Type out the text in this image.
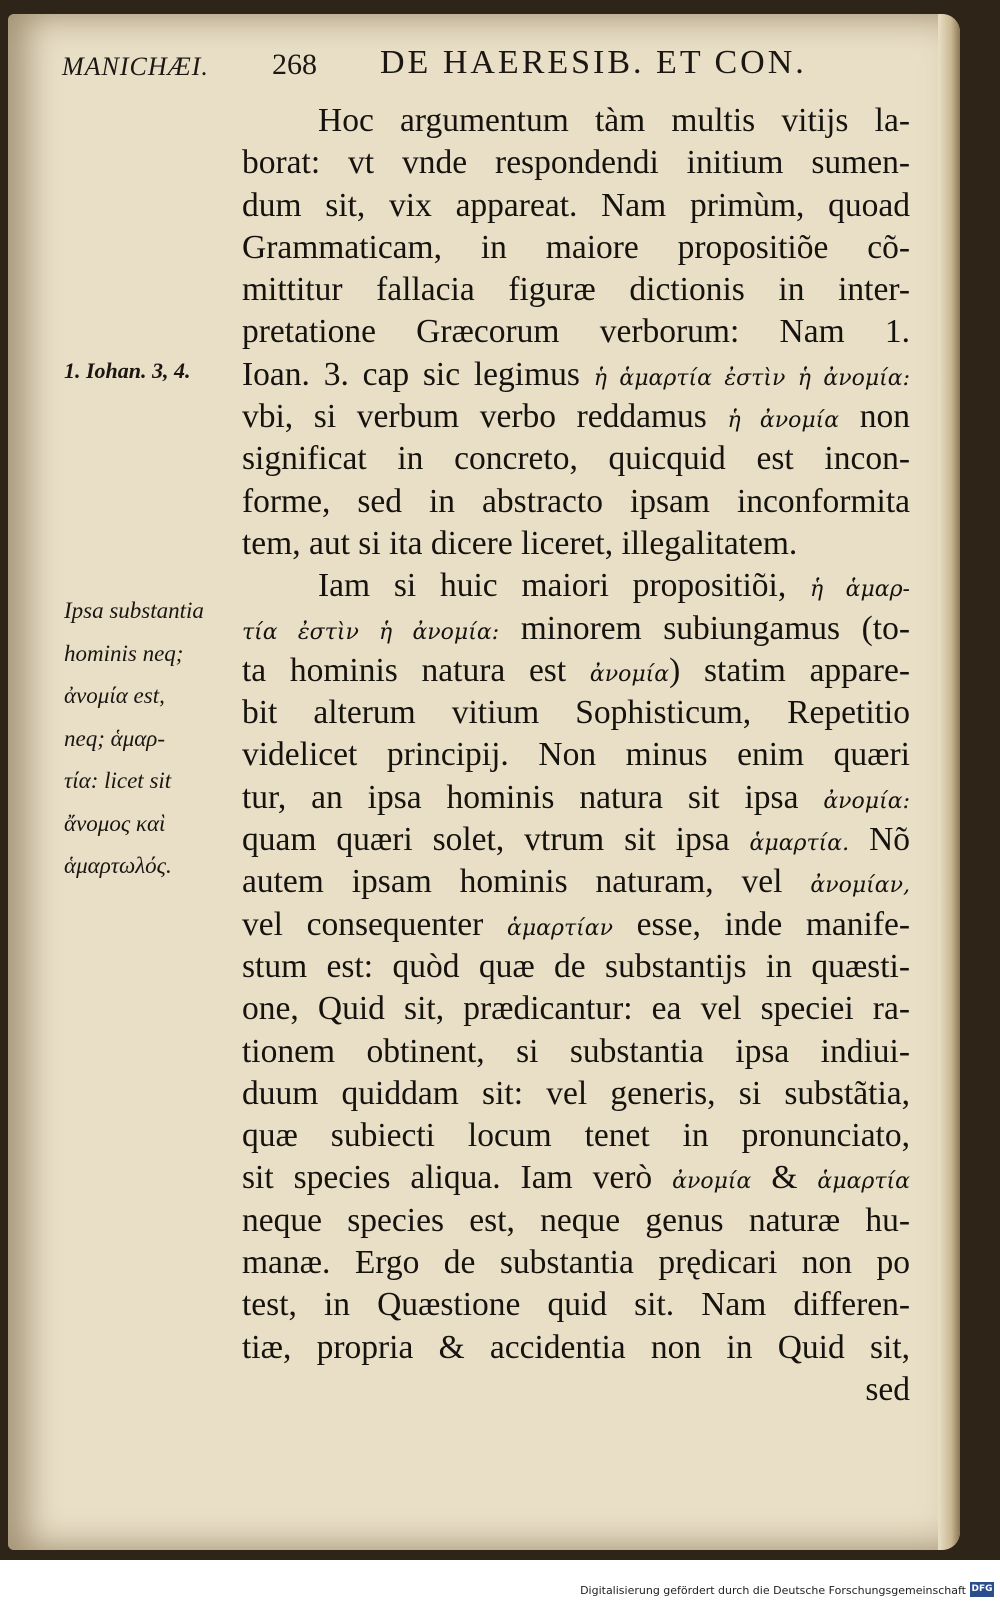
MANICHÆI. 268 DE HAERESIB. ET CON.
1. Iohan. 3, 4.
Ipsa substantia
hominis neq;
ἀνομία est,
neq; ἁμαρ-
τία: licet sit
ἄνομος καὶ
ἁμαρτωλός.
Hoc argumentum tàm multis vitijs la-
borat: vt vnde respondendi initium sumen-
dum sit, vix appareat. Nam primùm, quoad
Grammaticam, in maiore propositiõe cõ-
mittitur fallacia figuræ dictionis in inter-
pretatione Græcorum verborum: Nam 1.
Ioan. 3. cap sic legimus ἡ ἁμαρτία ἐστὶν ἡ ἀνομία:
vbi, si verbum verbo reddamus ἡ ἀνομία non
significat in concreto, quicquid est incon-
forme, sed in abstracto ipsam inconformita
tem, aut si ita dicere liceret, illegalitatem.
Iam si huic maiori propositiõi, ἡ ἁμαρ-
τία ἐστὶν ἡ ἀνομία: minorem subiungamus (to-
ta hominis natura est ἀνομία) statim appare-
bit alterum vitium Sophisticum, Repetitio
videlicet principij. Non minus enim quæri
tur, an ipsa hominis natura sit ipsa ἀνομία:
quam quæri solet, vtrum sit ipsa ἁμαρτία. Nõ
autem ipsam hominis naturam, vel ἀνομίαν,
vel consequenter ἁμαρτίαν esse, inde manife-
stum est: quòd quæ de substantijs in quæsti-
one, Quid sit, prædicantur: ea vel speciei ra-
tionem obtinent, si substantia ipsa indiui-
duum quiddam sit: vel generis, si substãtia,
quæ subiecti locum tenet in pronunciato,
sit species aliqua. Iam verò ἀνομία & ἁμαρτία
neque species est, neque genus naturæ hu-
manæ. Ergo de substantia prędicari non po
test, in Quæstione quid sit. Nam differen-
tiæ, propria & accidentia non in Quid sit,
sed
Digitalisierung gefördert durch die Deutsche Forschungsgemeinschaft DFG
